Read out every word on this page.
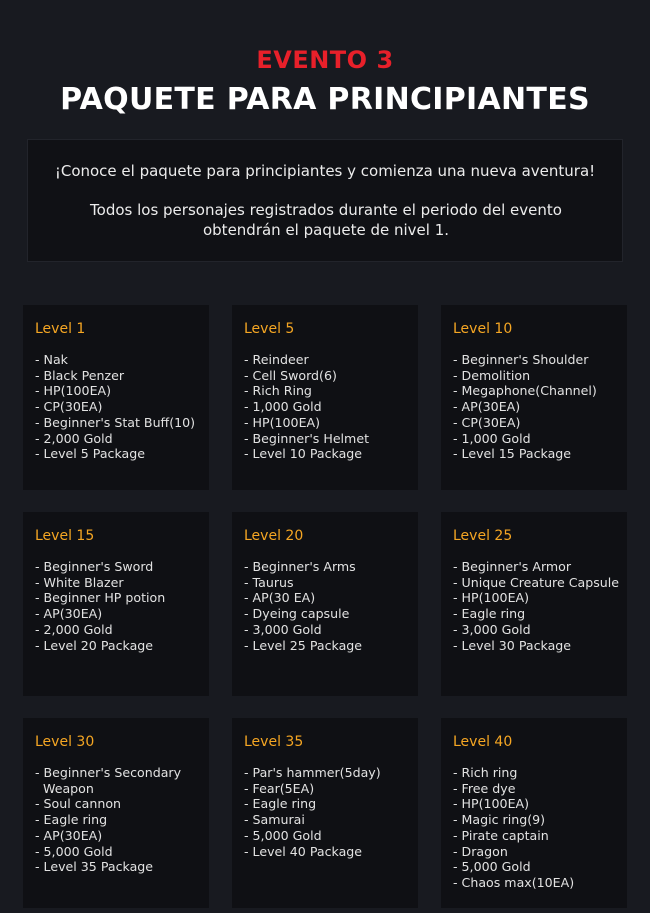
EVENTO 3
PAQUETE PARA PRINCIPIANTES
¡Conoce el paquete para principiantes y comienza una nueva aventura!
Todos los personajes registrados durante el periodo del evento obtendrán el paquete de nivel 1.
Level 1
- Nak
- Black Penzer
- HP(100EA)
- CP(30EA)
- Beginner's Stat Buff(10)
- 2,000 Gold
- Level 5 Package
Level 5
- Reindeer
- Cell Sword(6)
- Rich Ring
- 1,000 Gold
- HP(100EA)
- Beginner's Helmet
- Level 10 Package
Level 10
- Beginner's Shoulder
- Demolition
- Megaphone(Channel)
- AP(30EA)
- CP(30EA)
- 1,000 Gold
- Level 15 Package
Level 15
- Beginner's Sword
- White Blazer
- Beginner HP potion
- AP(30EA)
- 2,000 Gold
- Level 20 Package
Level 20
- Beginner's Arms
- Taurus
- AP(30 EA)
- Dyeing capsule
- 3,000 Gold
- Level 25 Package
Level 25
- Beginner's Armor
- Unique Creature Capsule
- HP(100EA)
- Eagle ring
- 3,000 Gold
- Level 30 Package
Level 30
- Beginner's Secondary
Weapon
- Soul cannon
- Eagle ring
- AP(30EA)
- 5,000 Gold
- Level 35 Package
Level 35
- Par's hammer(5day)
- Fear(5EA)
- Eagle ring
- Samurai
- 5,000 Gold
- Level 40 Package
Level 40
- Rich ring
- Free dye
- HP(100EA)
- Magic ring(9)
- Pirate captain
- Dragon
- 5,000 Gold
- Chaos max(10EA)
